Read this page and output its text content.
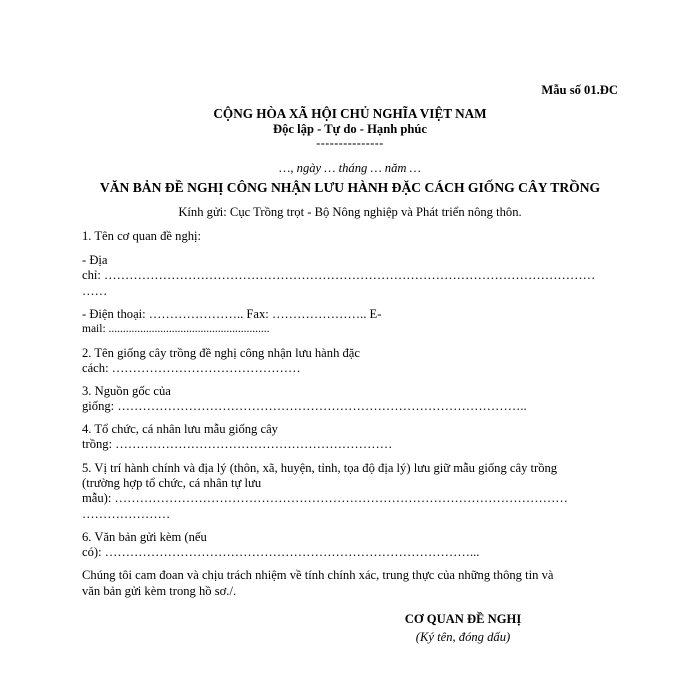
Mẫu số 01.ĐC
CỘNG HÒA XÃ HỘI CHỦ NGHĨA VIỆT NAM
Độc lập - Tự do - Hạnh phúc
---------------
…, ngày … tháng … năm …
VĂN BẢN ĐỀ NGHỊ CÔNG NHẬN LƯU HÀNH ĐẶC CÁCH GIỐNG CÂY TRỒNG
Kính gửi: Cục Trồng trọt - Bộ Nông nghiệp và Phát triển nông thôn.
1. Tên cơ quan đề nghị:
- Địa
chỉ: ………………………………………………………………………………………………………
……
- Điện thoại: ………………….. Fax: ………………….. E-
mail: ........................................................
2. Tên giống cây trồng đề nghị công nhận lưu hành đặc
cách: ………………………………………
3. Nguồn gốc của
giống: ……………………………………………………………………………………..
4. Tổ chức, cá nhân lưu mẫu giống cây
trồng: …………………………………………………………
5. Vị trí hành chính và địa lý (thôn, xã, huyện, tỉnh, tọa độ địa lý) lưu giữ mẫu giống cây trồng
(trường hợp tổ chức, cá nhân tự lưu
mẫu): ………………………………………………………………………………………………
…………………
6. Văn bản gửi kèm (nếu
có): ……………………………………………………………………………...
Chúng tôi cam đoan và chịu trách nhiệm về tính chính xác, trung thực của những thông tin và
văn bản gửi kèm trong hồ sơ./.
CƠ QUAN ĐỀ NGHỊ
(Ký tên, đóng dấu)
